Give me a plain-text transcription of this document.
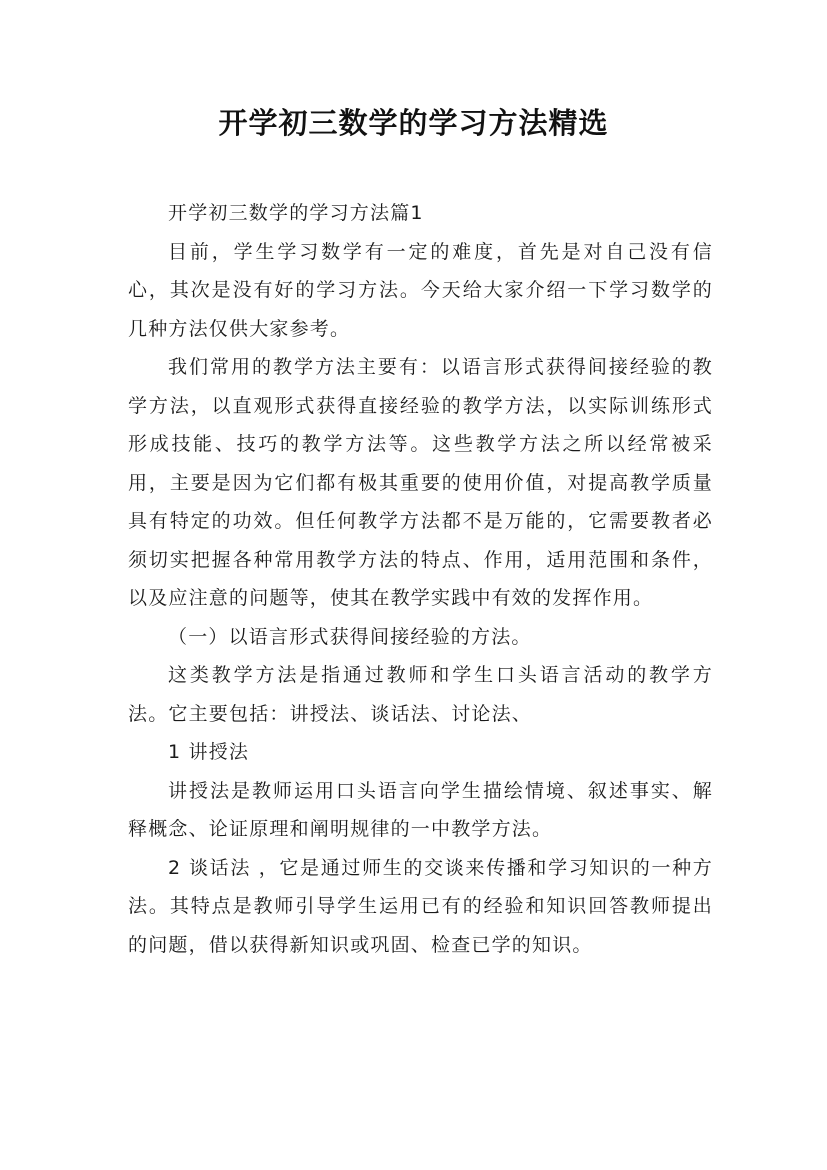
开学初三数学的学习方法精选

开学初三数学的学习方法篇1

目前，学生学习数学有一定的难度，首先是对自己没有信心，其次是没有好的学习方法。今天给大家介绍一下学习数学的几种方法仅供大家参考。

我们常用的教学方法主要有：以语言形式获得间接经验的教学方法，以直观形式获得直接经验的教学方法，以实际训练形式形成技能、技巧的教学方法等。这些教学方法之所以经常被采用，主要是因为它们都有极其重要的使用价值，对提高教学质量具有特定的功效。但任何教学方法都不是万能的，它需要教者必须切实把握各种常用教学方法的特点、作用，适用范围和条件，以及应注意的问题等，使其在教学实践中有效的发挥作用。

（一）以语言形式获得间接经验的方法。

这类教学方法是指通过教师和学生口头语言活动的教学方法。它主要包括：讲授法、谈话法、讨论法、

1 讲授法

讲授法是教师运用口头语言向学生描绘情境、叙述事实、解释概念、论证原理和阐明规律的一中教学方法。

2 谈话法 ，它是通过师生的交谈来传播和学习知识的一种方法。其特点是教师引导学生运用已有的经验和知识回答教师提出的问题，借以获得新知识或巩固、检查已学的知识。
